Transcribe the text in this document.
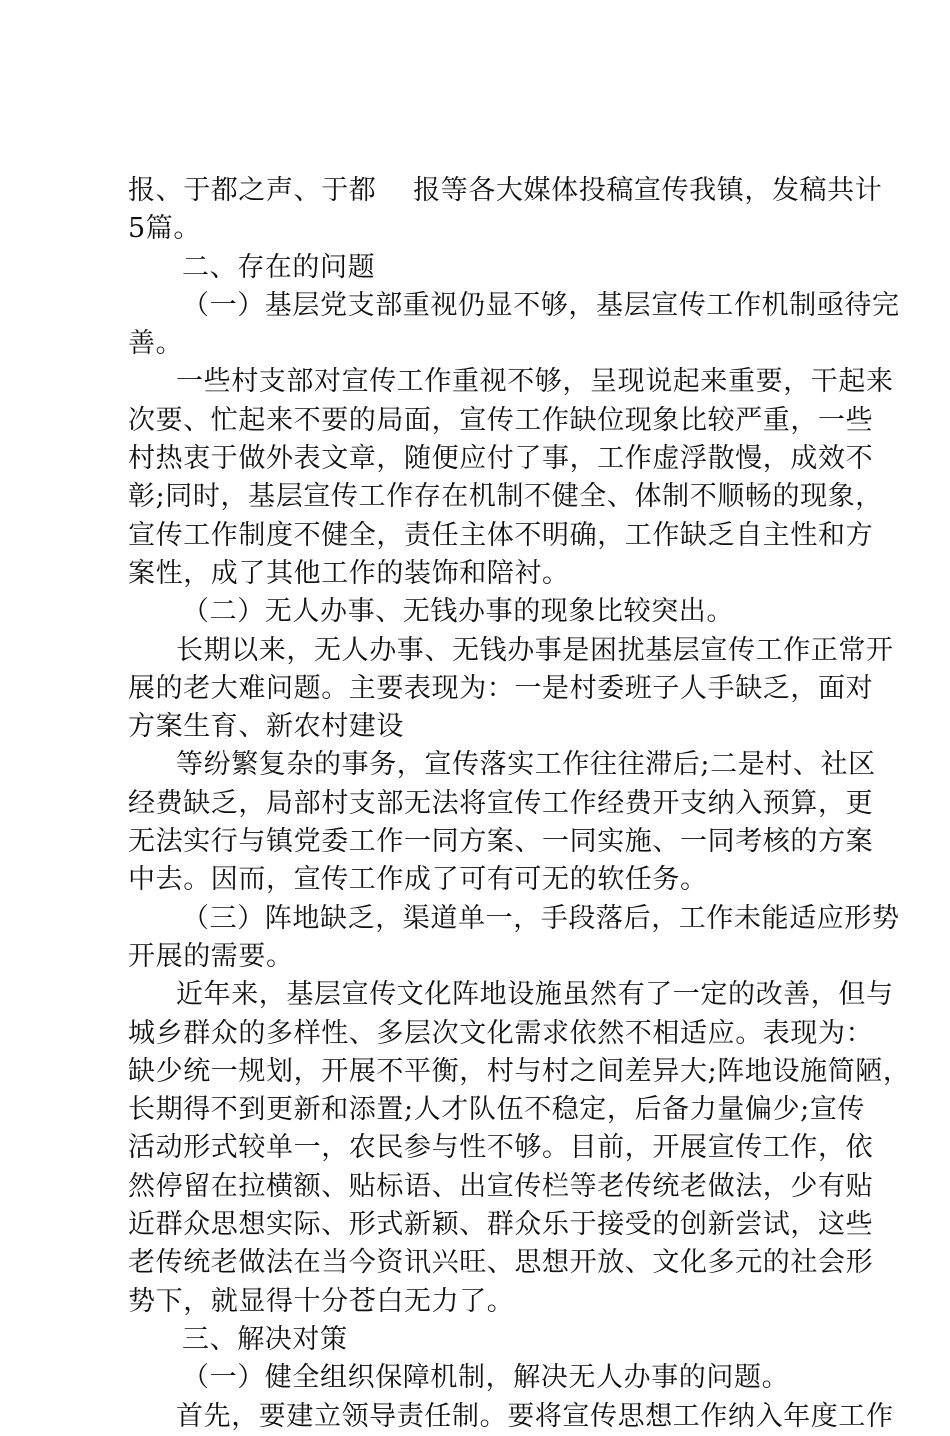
报、于都之声、于都    报等各大媒体投稿宣传我镇，发稿共计
5篇。
二、存在的问题
（一）基层党支部重视仍显不够，基层宣传工作机制亟待完
善。
一些村支部对宣传工作重视不够，呈现说起来重要，干起来
次要、忙起来不要的局面，宣传工作缺位现象比较严重，一些
村热衷于做外表文章，随便应付了事，工作虚浮散慢，成效不
彰;同时，基层宣传工作存在机制不健全、体制不顺畅的现象，
宣传工作制度不健全，责任主体不明确，工作缺乏自主性和方
案性，成了其他工作的装饰和陪衬。
（二）无人办事、无钱办事的现象比较突出。
长期以来，无人办事、无钱办事是困扰基层宣传工作正常开
展的老大难问题。主要表现为：一是村委班子人手缺乏，面对
方案生育、新农村建设
等纷繁复杂的事务，宣传落实工作往往滞后;二是村、社区
经费缺乏，局部村支部无法将宣传工作经费开支纳入预算，更
无法实行与镇党委工作一同方案、一同实施、一同考核的方案
中去。因而，宣传工作成了可有可无的软任务。
（三）阵地缺乏，渠道单一，手段落后，工作未能适应形势
开展的需要。
近年来，基层宣传文化阵地设施虽然有了一定的改善，但与
城乡群众的多样性、多层次文化需求依然不相适应。表现为：
缺少统一规划，开展不平衡，村与村之间差异大;阵地设施简陋，
长期得不到更新和添置;人才队伍不稳定，后备力量偏少;宣传
活动形式较单一，农民参与性不够。目前，开展宣传工作，依
然停留在拉横额、贴标语、出宣传栏等老传统老做法，少有贴
近群众思想实际、形式新颖、群众乐于接受的创新尝试，这些
老传统老做法在当今资讯兴旺、思想开放、文化多元的社会形
势下，就显得十分苍白无力了。
三、解决对策
（一）健全组织保障机制，解决无人办事的问题。
首先，要建立领导责任制。要将宣传思想工作纳入年度工作
